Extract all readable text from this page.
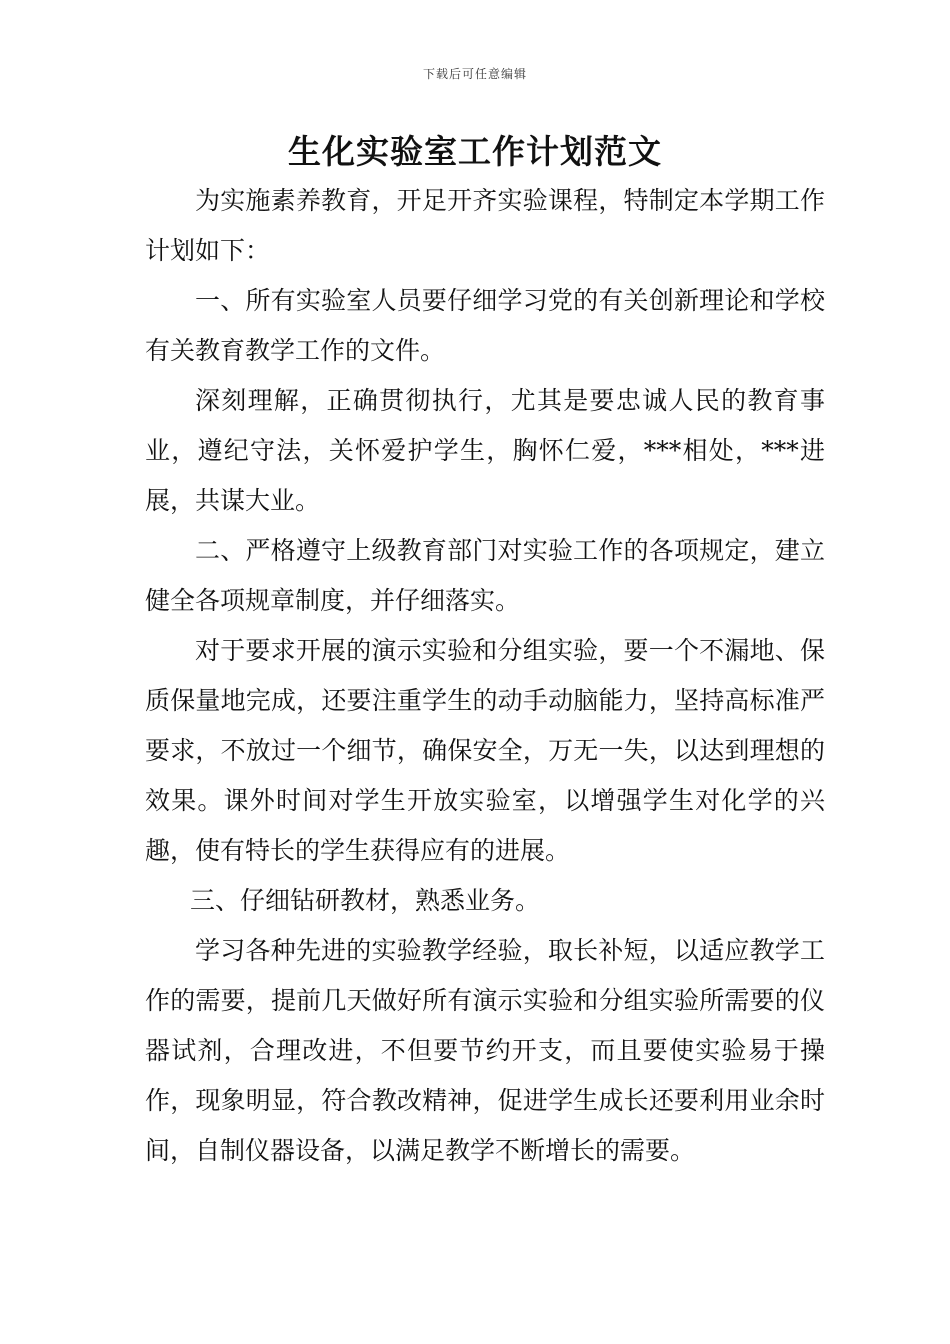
下载后可任意编辑
生化实验室工作计划范文

为实施素养教育，开足开齐实验课程，特制定本学期工作计划如下：

一、所有实验室人员要仔细学习党的有关创新理论和学校有关教育教学工作的文件。

深刻理解，正确贯彻执行，尤其是要忠诚人民的教育事业，遵纪守法，关怀爱护学生，胸怀仁爱，***相处，***进展，共谋大业。

二、严格遵守上级教育部门对实验工作的各项规定，建立健全各项规章制度，并仔细落实。

对于要求开展的演示实验和分组实验，要一个不漏地、保质保量地完成，还要注重学生的动手动脑能力，坚持高标准严要求，不放过一个细节，确保安全，万无一失，以达到理想的效果。课外时间对学生开放实验室，以增强学生对化学的兴趣，使有特长的学生获得应有的进展。

三、仔细钻研教材，熟悉业务。

学习各种先进的实验教学经验，取长补短，以适应教学工作的需要，提前几天做好所有演示实验和分组实验所需要的仪器试剂，合理改进，不但要节约开支，而且要使实验易于操作，现象明显，符合教改精神，促进学生成长还要利用业余时间，自制仪器设备，以满足教学不断增长的需要。
